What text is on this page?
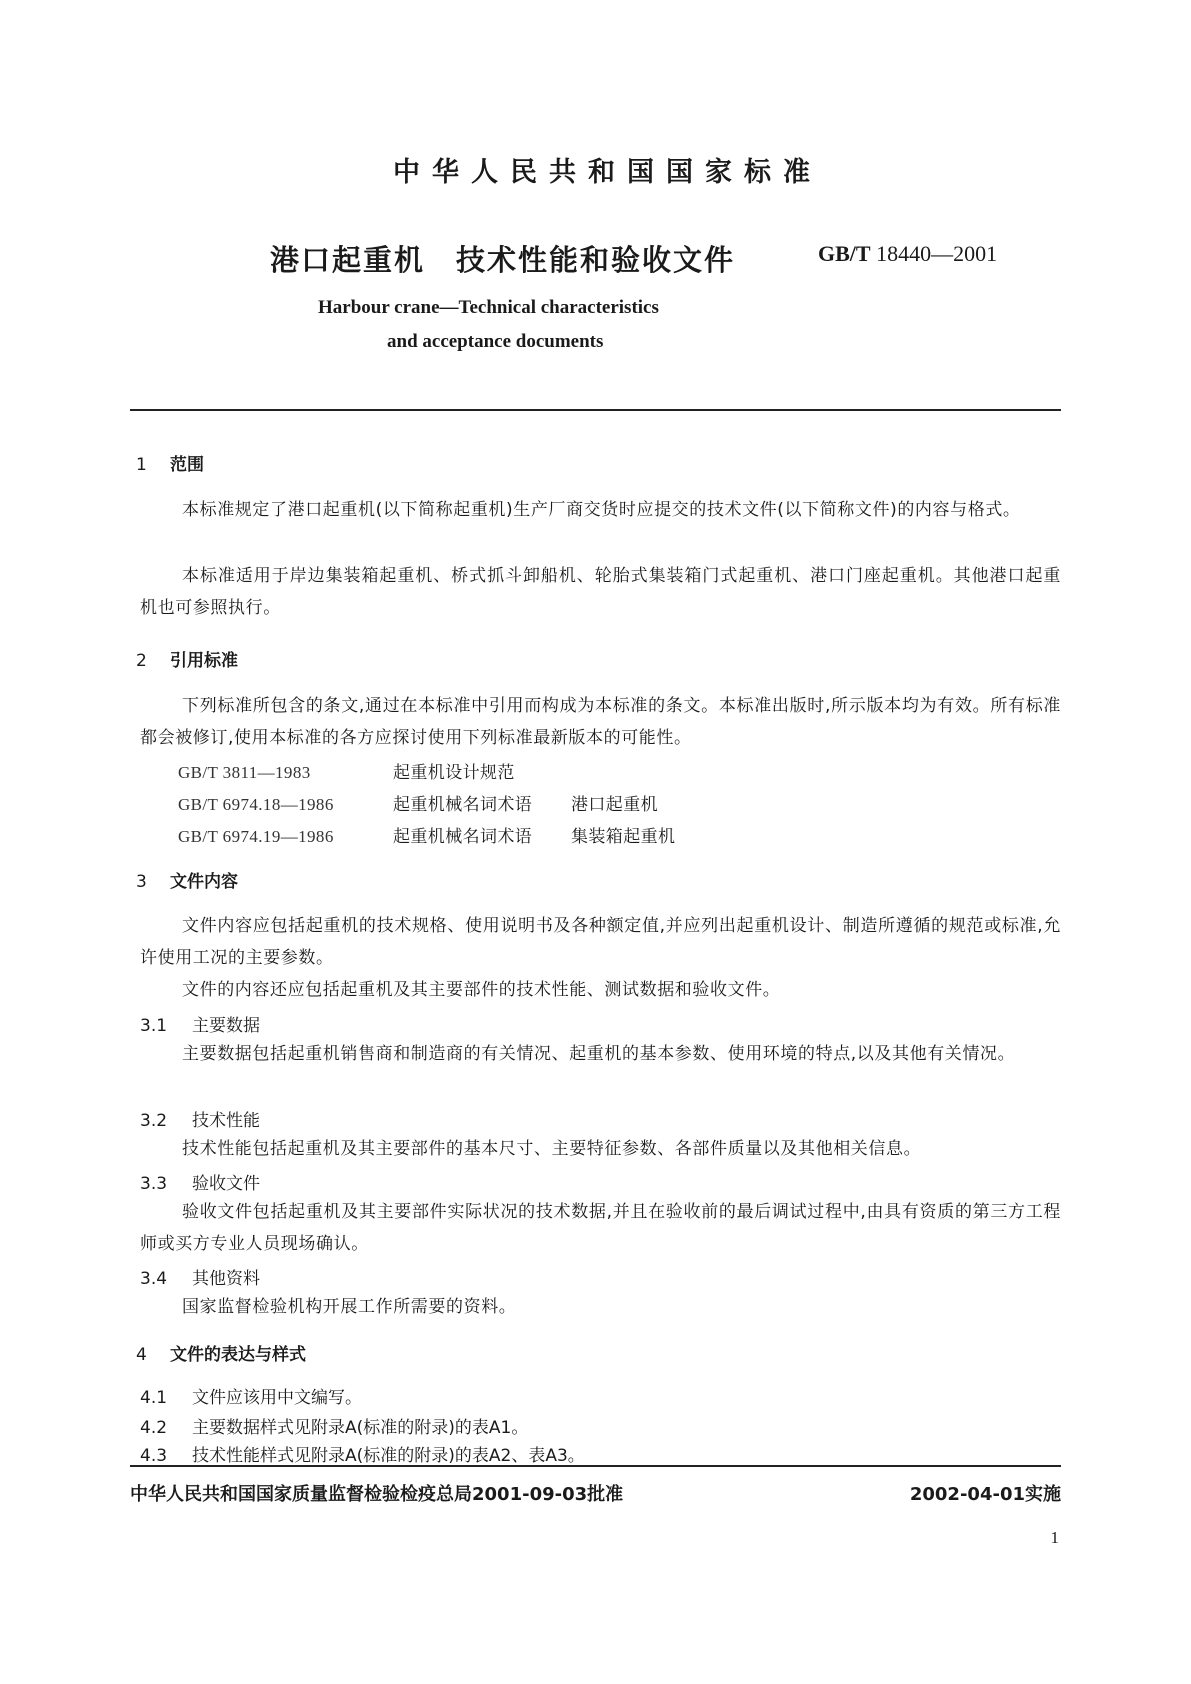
中华人民共和国国家标准
港口起重机　技术性能和验收文件	GB/T 18440—2001
Harbour crane—Technical characteristics
and acceptance documents
1 范围
本标准规定了港口起重机(以下简称起重机)生产厂商交货时应提交的技术文件(以下简称文件)的内容与格式。
本标准适用于岸边集装箱起重机、桥式抓斗卸船机、轮胎式集装箱门式起重机、港口门座起重机。其他港口起重机也可参照执行。
2 引用标准
下列标准所包含的条文,通过在本标准中引用而构成为本标准的条文。本标准出版时,所示版本均为有效。所有标准都会被修订,使用本标准的各方应探讨使用下列标准最新版本的可能性。
GB/T 3811—1983	起重机设计规范
GB/T 6974.18—1986	起重机械名词术语 港口起重机
GB/T 6974.19—1986	起重机械名词术语 集装箱起重机
3 文件内容
文件内容应包括起重机的技术规格、使用说明书及各种额定值,并应列出起重机设计、制造所遵循的规范或标准,允许使用工况的主要参数。
文件的内容还应包括起重机及其主要部件的技术性能、测试数据和验收文件。
3.1 主要数据
主要数据包括起重机销售商和制造商的有关情况、起重机的基本参数、使用环境的特点,以及其他有关情况。
3.2 技术性能
技术性能包括起重机及其主要部件的基本尺寸、主要特征参数、各部件质量以及其他相关信息。
3.3 验收文件
验收文件包括起重机及其主要部件实际状况的技术数据,并且在验收前的最后调试过程中,由具有资质的第三方工程师或买方专业人员现场确认。
3.4 其他资料
国家监督检验机构开展工作所需要的资料。
4 文件的表达与样式
4.1 文件应该用中文编写。
4.2 主要数据样式见附录A(标准的附录)的表A1。
4.3 技术性能样式见附录A(标准的附录)的表A2、表A3。
中华人民共和国国家质量监督检验检疫总局2001-09-03批准	2002-04-01实施
1
